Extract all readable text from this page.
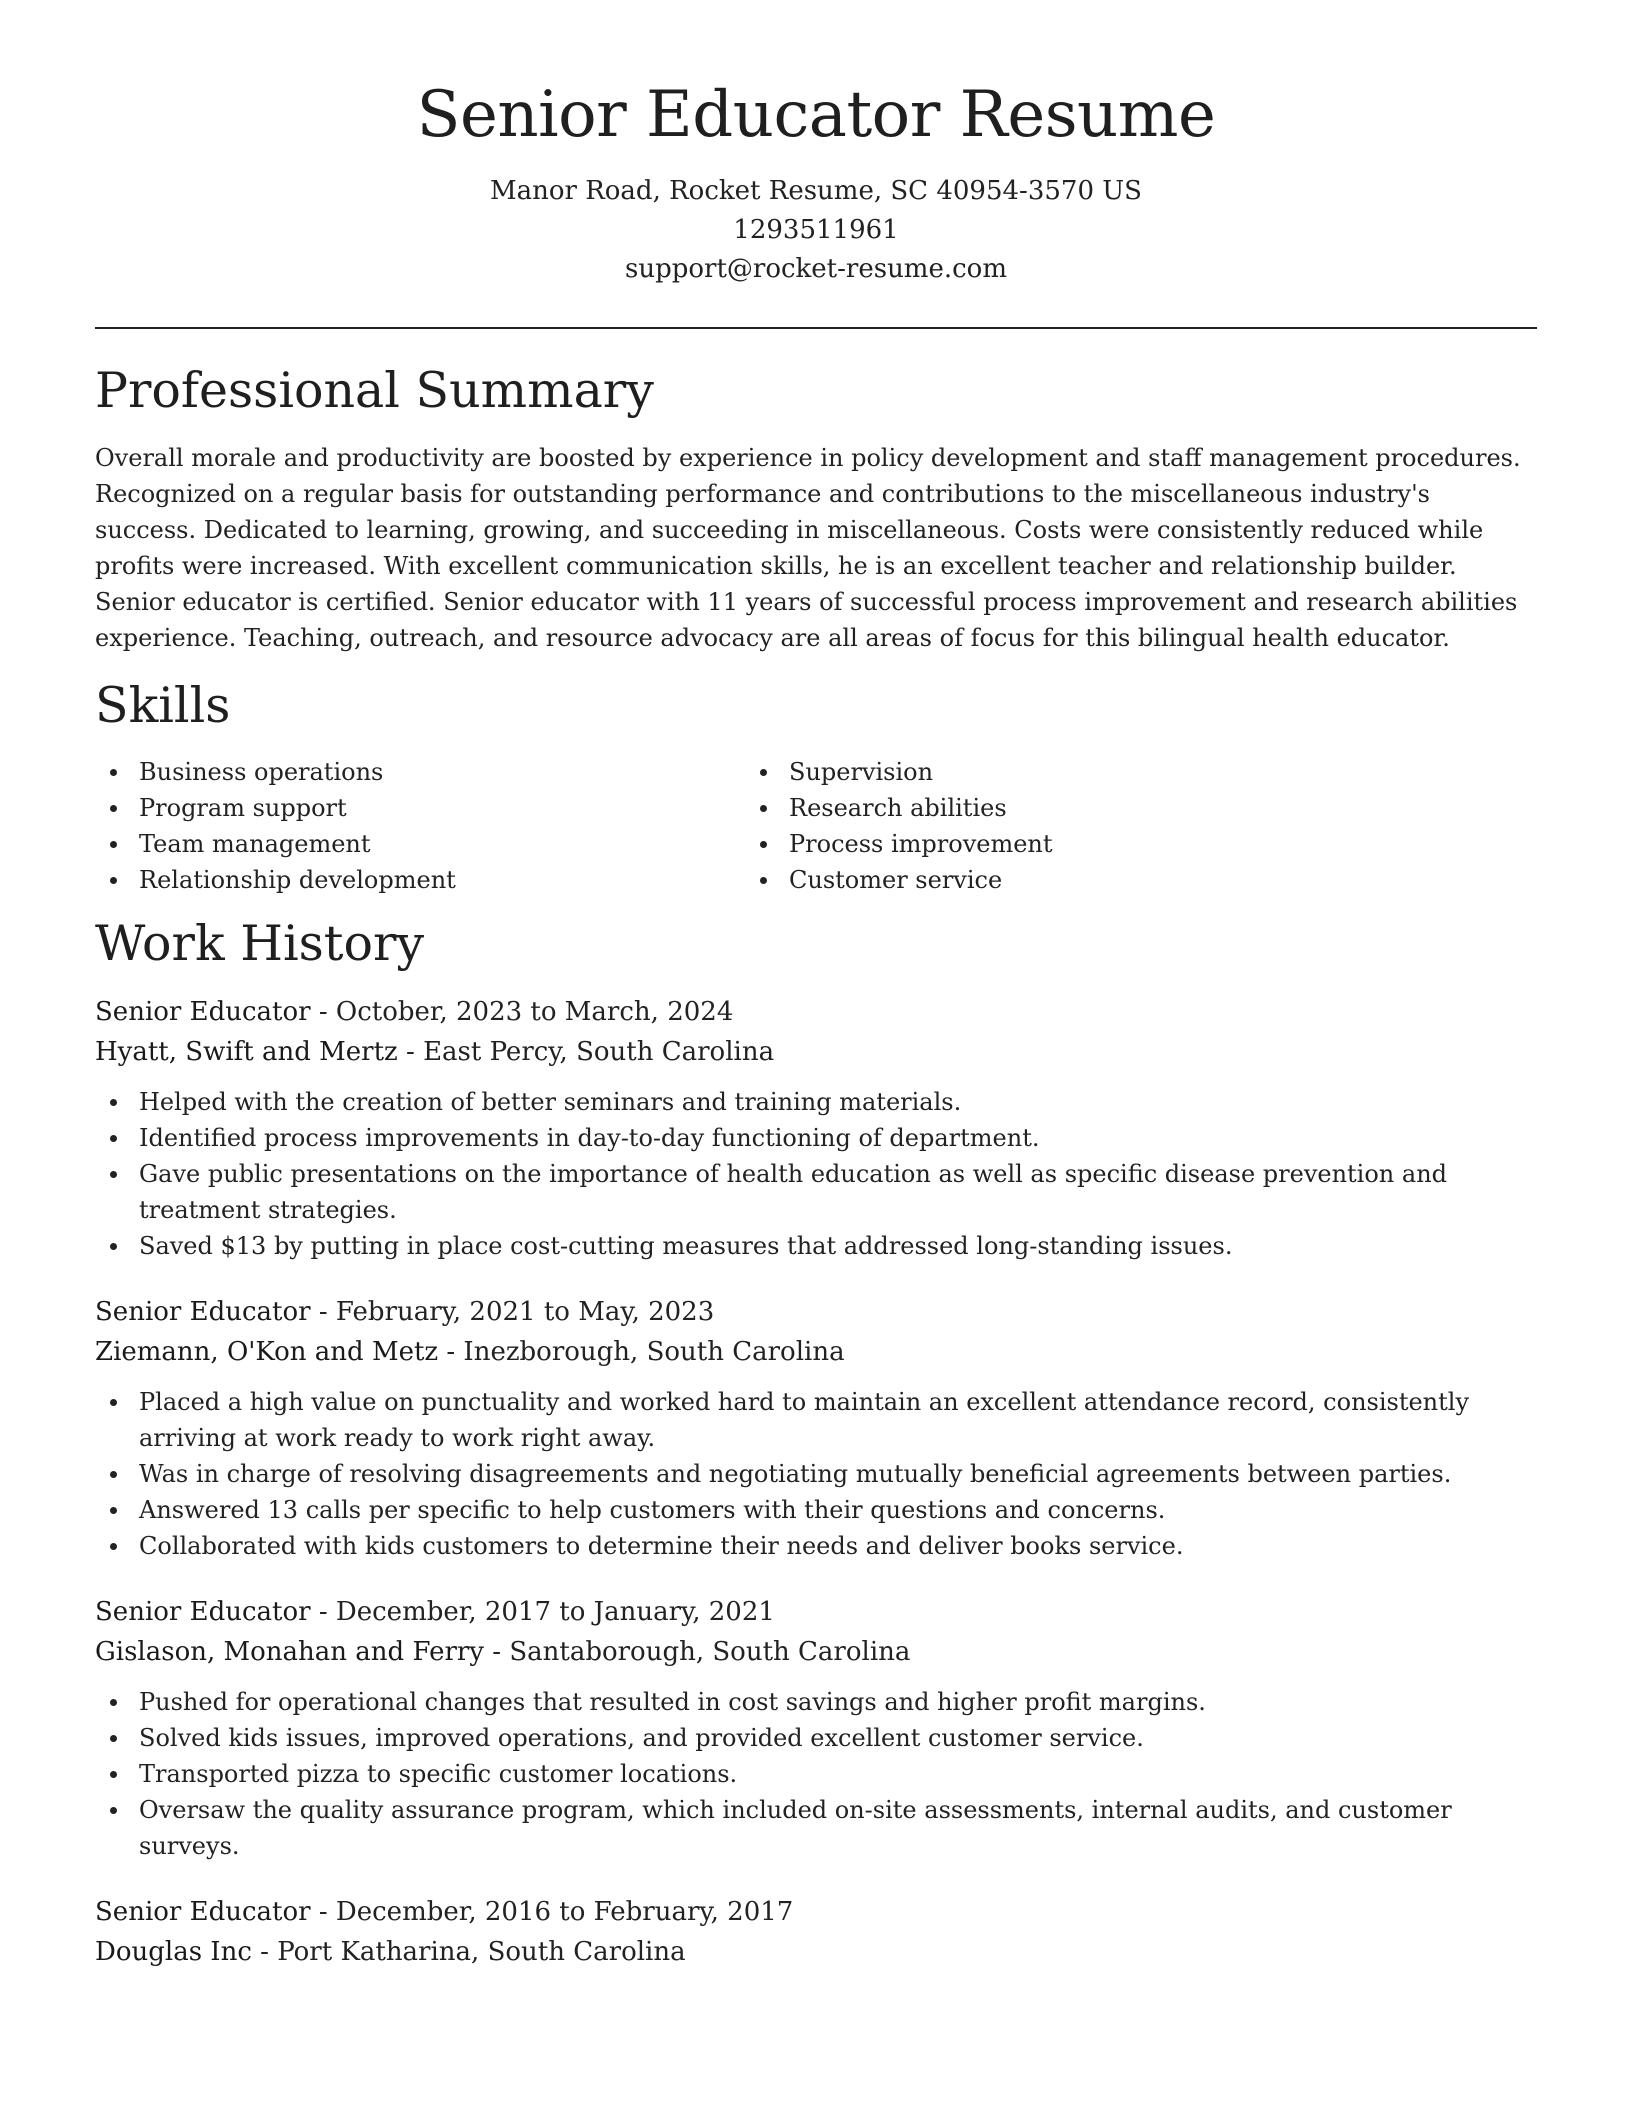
Senior Educator Resume
Manor Road, Rocket Resume, SC 40954-3570 US
1293511961
support@rocket-resume.com
Professional Summary

Overall morale and productivity are boosted by experience in policy development and staff management procedures. Recognized on a regular basis for outstanding performance and contributions to the miscellaneous industry's success. Dedicated to learning, growing, and succeeding in miscellaneous. Costs were consistently reduced while profits were increased. With excellent communication skills, he is an excellent teacher and relationship builder. Senior educator is certified. Senior educator with 11 years of successful process improvement and research abilities experience. Teaching, outreach, and resource advocacy are all areas of focus for this bilingual health educator.

Skills
Business operations
Program support
Team management
Relationship development
Supervision
Research abilities
Process improvement
Customer service
Work History
Senior Educator - October, 2023 to March, 2024
Hyatt, Swift and Mertz - East Percy, South Carolina
Helped with the creation of better seminars and training materials.
Identified process improvements in day-to-day functioning of department.
Gave public presentations on the importance of health education as well as specific disease prevention and treatment strategies.
Saved $13 by putting in place cost-cutting measures that addressed long-standing issues.
Senior Educator - February, 2021 to May, 2023
Ziemann, O'Kon and Metz - Inezborough, South Carolina
Placed a high value on punctuality and worked hard to maintain an excellent attendance record, consistently arriving at work ready to work right away.
Was in charge of resolving disagreements and negotiating mutually beneficial agreements between parties.
Answered 13 calls per specific to help customers with their questions and concerns.
Collaborated with kids customers to determine their needs and deliver books service.
Senior Educator - December, 2017 to January, 2021
Gislason, Monahan and Ferry - Santaborough, South Carolina
Pushed for operational changes that resulted in cost savings and higher profit margins.
Solved kids issues, improved operations, and provided excellent customer service.
Transported pizza to specific customer locations.
Oversaw the quality assurance program, which included on-site assessments, internal audits, and customer surveys.
Senior Educator - December, 2016 to February, 2017
Douglas Inc - Port Katharina, South Carolina
